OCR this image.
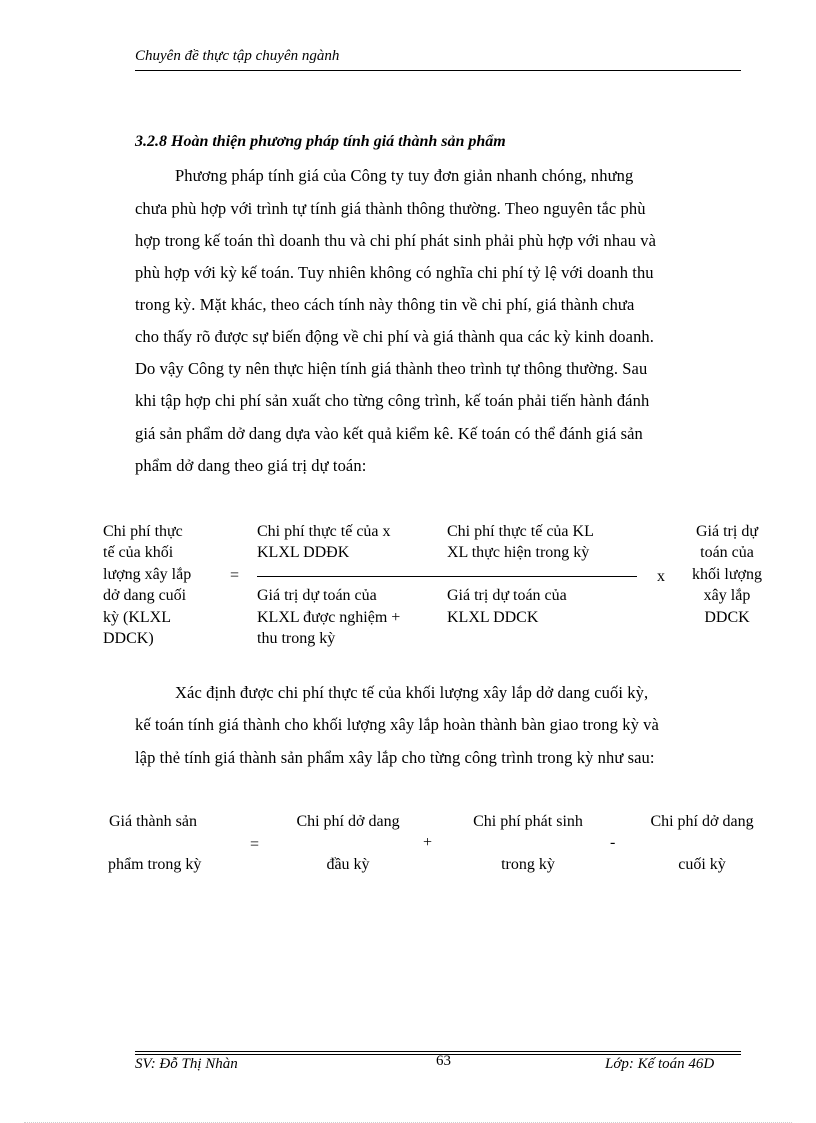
Chuyên đề thực tập chuyên ngành
3.2.8 Hoàn thiện phương pháp tính giá thành sản phẩm
Phương pháp tính giá của Công ty tuy đơn giản nhanh chóng, nhưng
chưa phù hợp với trình tự tính giá thành thông thường. Theo nguyên tắc phù
hợp trong kế toán thì doanh thu và chi phí phát sinh phải phù hợp với nhau và
phù hợp với kỳ kế toán. Tuy nhiên không có nghĩa chi phí tỷ lệ với doanh thu
trong kỳ. Mặt khác, theo cách tính này thông tin về chi phí, giá thành chưa
cho thấy rõ được sự biến động về chi phí và giá thành qua các kỳ kinh doanh.
Do vậy Công ty nên thực hiện tính giá thành theo trình tự thông thường. Sau
khi tập hợp chi phí sản xuất cho từng công trình, kế toán phải tiến hành đánh
giá sản phẩm dở dang dựa vào kết quả kiểm kê. Kế toán có thể đánh giá sản
phẩm dở dang theo giá trị dự toán:
Chi phí thực
tế của khối
lượng xây lắp
dở dang cuối
kỳ (KLXL
DDCK)
=
Chi phí thực tế của x
KLXL DDĐK
Chi phí thực tế của KL
XL thực hiện trong kỳ
Giá trị dự toán của
KLXL được nghiệm +
thu trong kỳ
Giá trị dự toán của
KLXL DDCK
x
Giá trị dự
toán của
khối lượng
xây lắp
DDCK
Xác định được chi phí thực tế của khối lượng xây lắp dở dang cuối kỳ,
kế toán tính giá thành cho khối lượng xây lắp hoàn thành bàn giao trong kỳ và
lập thẻ tính giá thành sản phẩm xây lắp cho từng công trình trong kỳ như sau:
Giá thành sản
phẩm trong kỳ
=
Chi phí dở dang
đầu kỳ
+
Chi phí phát sinh
trong kỳ
-
Chi phí dở dang
cuối kỳ
SV: Đỗ Thị Nhàn	63	Lớp: Kế toán 46D
